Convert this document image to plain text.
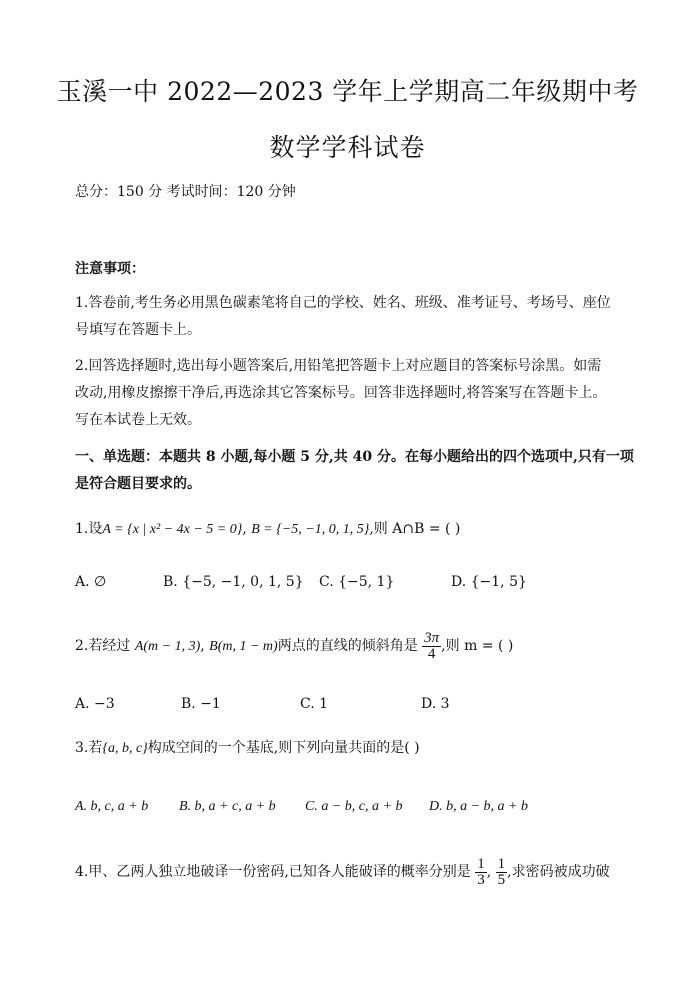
玉溪一中 2022—2023 学年上学期高二年级期中考
数学学科试卷
总分：150 分 考试时间：120 分钟
注意事项：
1.答卷前,考生务必用黑色碳素笔将自己的学校、姓名、班级、准考证号、考场号、座位
号填写在答题卡上。
2.回答选择题时,选出每小题答案后,用铅笔把答题卡上对应题目的答案标号涂黑。如需
改动,用橡皮擦擦干净后,再选涂其它答案标号。回答非选择题时,将答案写在答题卡上。
写在本试卷上无效。
一、单选题：本题共 8 小题,每小题 5 分,共 40 分。在每小题给出的四个选项中,只有一项
是符合题目要求的。
1.设A = {x | x² − 4x − 5 = 0}, B = {−5, −1, 0, 1, 5},则 A∩B = ( )
A. ∅	B. {−5, −1, 0, 1, 5} C. {−5, 1}	D. {−1, 5}
2.若经过 A(m − 1, 3), B(m, 1 − m)两点的直线的倾斜角是 $\frac{3\pi}{4}$ ,则 m = ( )
A. −3	B. −1	C. 1	D. 3
3.若{a, b, c}构成空间的一个基底,则下列向量共面的是( )
A. b, c, a + b B. b, a + c, a + b C. a − b, c, a + b D. b, a − b, a + b
4.甲、乙两人独立地破译一份密码,已知各人能破译的概率分别是 $\frac{1}{3}$ , $\frac{1}{5}$ ,求密码被成功破
